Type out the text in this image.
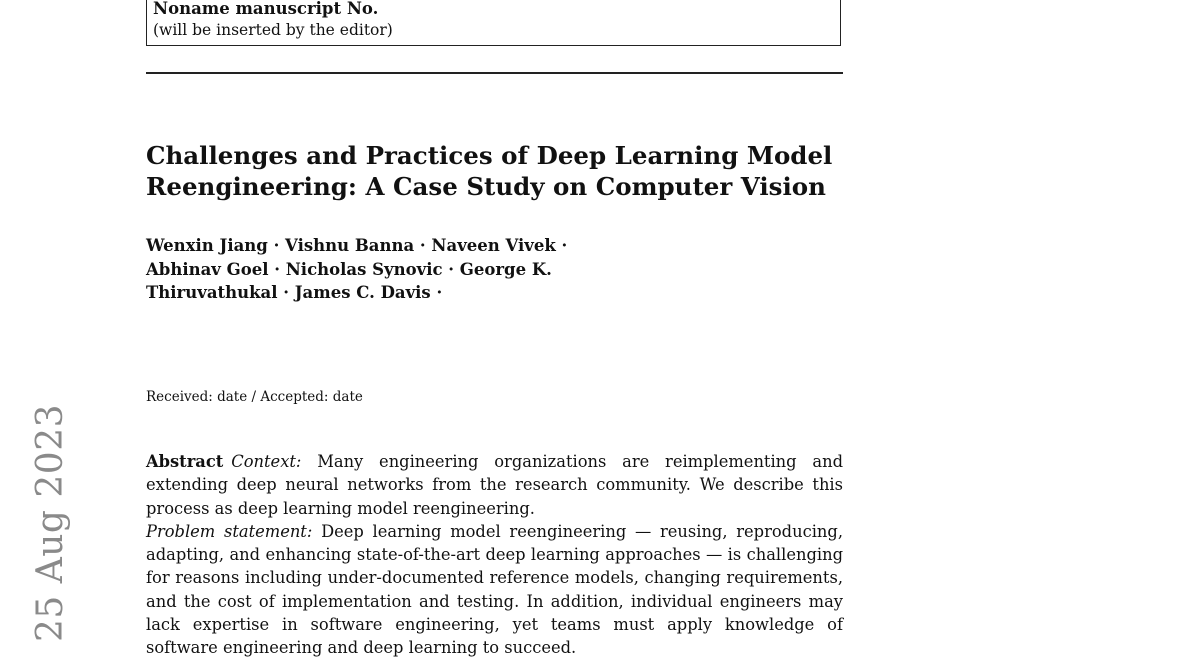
25 Aug 2023
Noname manuscript No.
(will be inserted by the editor)
Challenges and Practices of Deep Learning Model Reengineering: A Case Study on Computer Vision
Wenxin Jiang · Vishnu Banna · Naveen Vivek · Abhinav Goel · Nicholas Synovic · George K. Thiruvathukal · James C. Davis ·
Received: date / Accepted: date

Abstract Context: Many engineering organizations are reimplementing and extending deep neural networks from the research community. We describe this process as deep learning model reengineering.

Problem statement: Deep learning model reengineering — reusing, reproducing, adapting, and enhancing state-of-the-art deep learning approaches — is challenging for reasons including under-documented reference models, changing requirements, and the cost of implementation and testing. In addition, individual engineers may lack expertise in software engineering, yet teams must apply knowledge of software engineering and deep learning to succeed.
